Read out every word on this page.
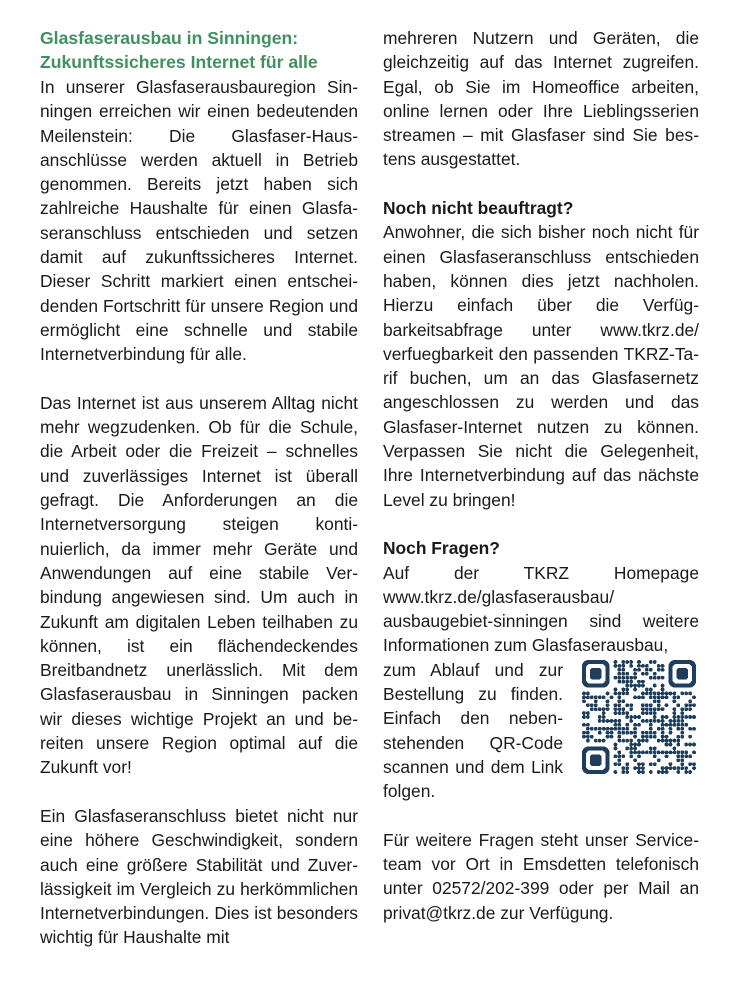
Glasfaserausbau in Sinningen:
Zukunftssicheres Internet für alle

In unserer Glasfaserausbauregion Sinningen erreichen wir einen bedeutenden Meilenstein: Die Glasfaser-Hausanschlüsse werden aktuell in Betrieb genommen. Bereits jetzt haben sich zahlreiche Haushalte für einen Glasfaseranschluss entschieden und setzen damit auf zukunftssicheres Internet. Dieser Schritt markiert einen entscheidenden Fortschritt für unsere Region und ermöglicht eine schnelle und stabile Internetverbindung für alle.

Das Internet ist aus unserem Alltag nicht mehr wegzudenken. Ob für die Schule, die Arbeit oder die Freizeit – schnelles und zuverlässiges Internet ist überall gefragt. Die Anforderungen an die Internetversorgung steigen kontinuierlich, da immer mehr Geräte und Anwendungen auf eine stabile Verbindung angewiesen sind. Um auch in Zukunft am digitalen Leben teilhaben zu können, ist ein flächendeckendes Breitbandnetz unerlässlich. Mit dem Glasfaserausbau in Sinningen packen wir dieses wichtige Projekt an und bereiten unsere Region optimal auf die Zukunft vor!

Ein Glasfaseranschluss bietet nicht nur eine höhere Geschwindigkeit, sondern auch eine größere Stabilität und Zuverlässigkeit im Vergleich zu herkömmlichen Internetverbindungen. Dies ist besonders wichtig für Haushalte mit

mehreren Nutzern und Geräten, die gleichzeitig auf das Internet zugreifen. Egal, ob Sie im Homeoffice arbeiten, online lernen oder Ihre Lieblingsserien streamen – mit Glasfaser sind Sie bestens ausgestattet.

Noch nicht beauftragt?

Anwohner, die sich bisher noch nicht für einen Glasfaseranschluss entschieden haben, können dies jetzt nachholen. Hierzu einfach über die Verfügbarkeitsabfrage unter www.tkrz.de/ verfuegbarkeit den passenden TKRZ-Tarif buchen, um an das Glasfasernetz angeschlossen zu werden und das Glasfaser-Internet nutzen zu können. Verpassen Sie nicht die Gelegenheit, Ihre Internetverbindung auf das nächste Level zu bringen!

Noch Fragen?

Auf der TKRZ Homepage www.tkrz.de/glasfaserausbau/ ausbaugebiet-sinningen sind weitere Informationen zum Glasfaserausbau,

zum Ablauf und zur Bestellung zu finden. Einfach den nebenstehenden QR-Code scannen und dem Link folgen.

Für weitere Fragen steht unser Serviceteam vor Ort in Emsdetten telefonisch unter 02572/202-399 oder per Mail an privat@tkrz.de zur Verfügung.
